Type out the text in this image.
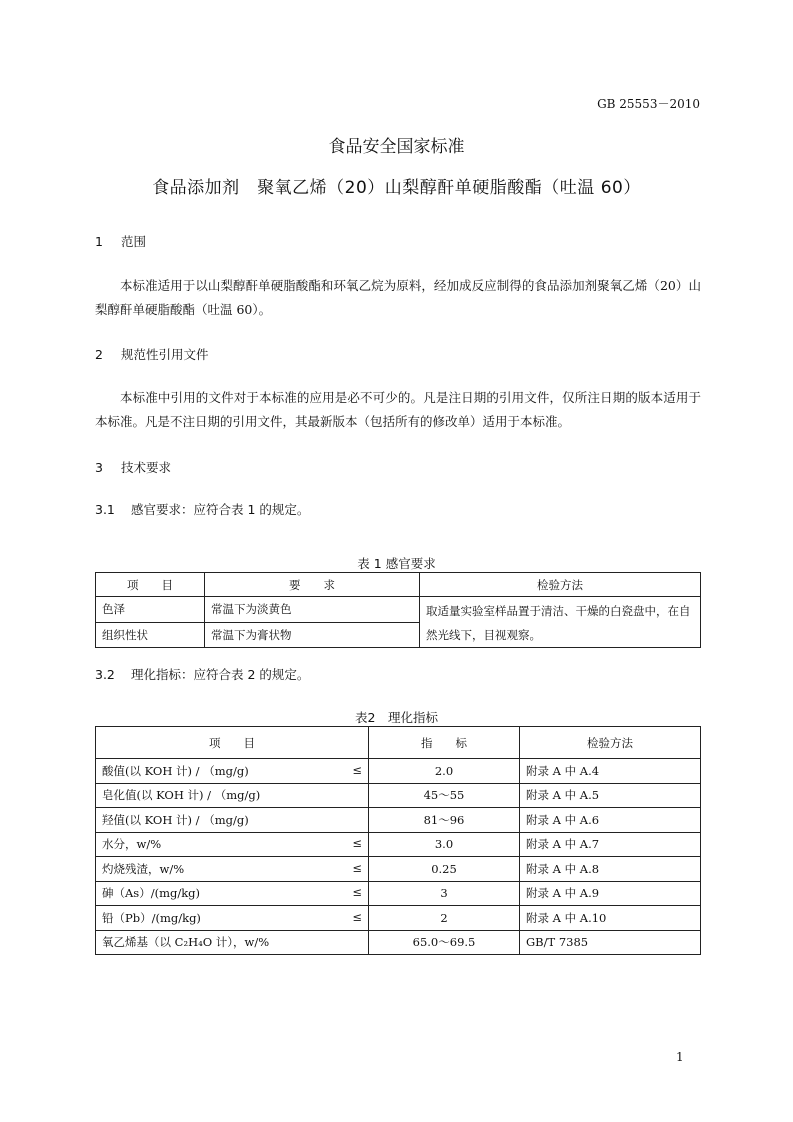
GB 25553－2010
食品安全国家标准
食品添加剂　聚氧乙烯（20）山梨醇酐单硬脂酸酯（吐温 60）
1 范围
本标准适用于以山梨醇酐单硬脂酸酯和环氧乙烷为原料，经加成反应制得的食品添加剂聚氧乙烯（20）山梨醇酐单硬脂酸酯（吐温 60）。
2 规范性引用文件
本标准中引用的文件对于本标准的应用是必不可少的。凡是注日期的引用文件，仅所注日期的版本适用于本标准。凡是不注日期的引用文件，其最新版本（包括所有的修改单）适用于本标准。
3 技术要求
3.1 感官要求：应符合表 1 的规定。
表 1 感官要求
项　　目	要　　求	检验方法
色泽	常温下为淡黄色	取适量实验室样品置于清洁、干燥的白瓷盘中，在自然光线下，目视观察。
组织性状	常温下为膏状物	
3.2 理化指标：应符合表 2 的规定。
表2　理化指标
项　　目	指　　标	检验方法
酸值(以 KOH 计) / （mg/g) ≤	2.0	附录 A 中 A.4
皂化值(以 KOH 计) / （mg/g)	45～55	附录 A 中 A.5
羟值(以 KOH 计) / （mg/g)	81～96	附录 A 中 A.6
水分，w/% ≤	3.0	附录 A 中 A.7
灼烧残渣，w/% ≤	0.25	附录 A 中 A.8
砷（As）/(mg/kg) ≤	3	附录 A 中 A.9
铅（Pb）/(mg/kg) ≤	2	附录 A 中 A.10
氧乙烯基（以 C₂H₄O 计），w/%	65.0～69.5	GB/T 7385
1
